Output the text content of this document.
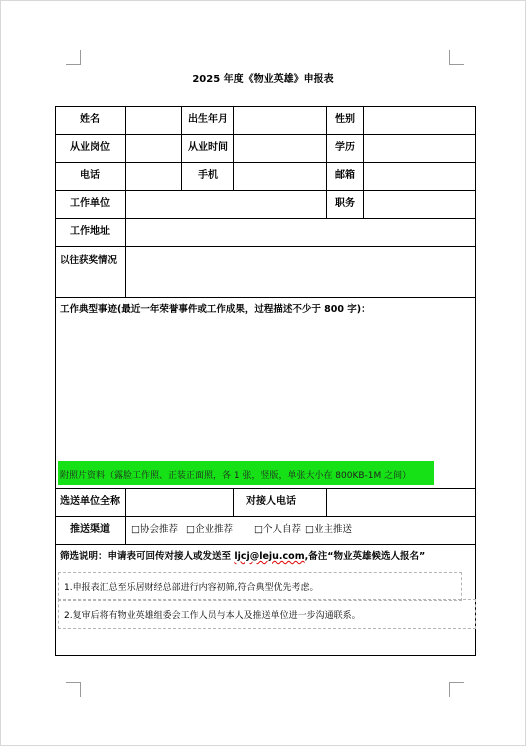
2025 年度《物业英雄》申报表
姓名	出生年月	性别
从业岗位	从业时间	学历
电话	手机	邮箱
工作单位	职务
工作地址
以往获奖情况
工作典型事迹(最近一年荣誉事件或工作成果，过程描述不少于 800 字)：
附照片资料（露脸工作照、正装正面照，各 1 张，竖版，单张大小在 800KB-1M 之间）
选送单位全称	对接人电话
推送渠道	□协会推荐 □企业推荐 □个人自荐 □业主推送
筛选说明：申请表可回传对接人或发送至 ljcj@leju.com,备注“物业英雄候选人报名”
1.申报表汇总至乐居财经总部进行内容初筛,符合典型优先考虑。
2.复审后将有物业英雄组委会工作人员与本人及推送单位进一步沟通联系。
